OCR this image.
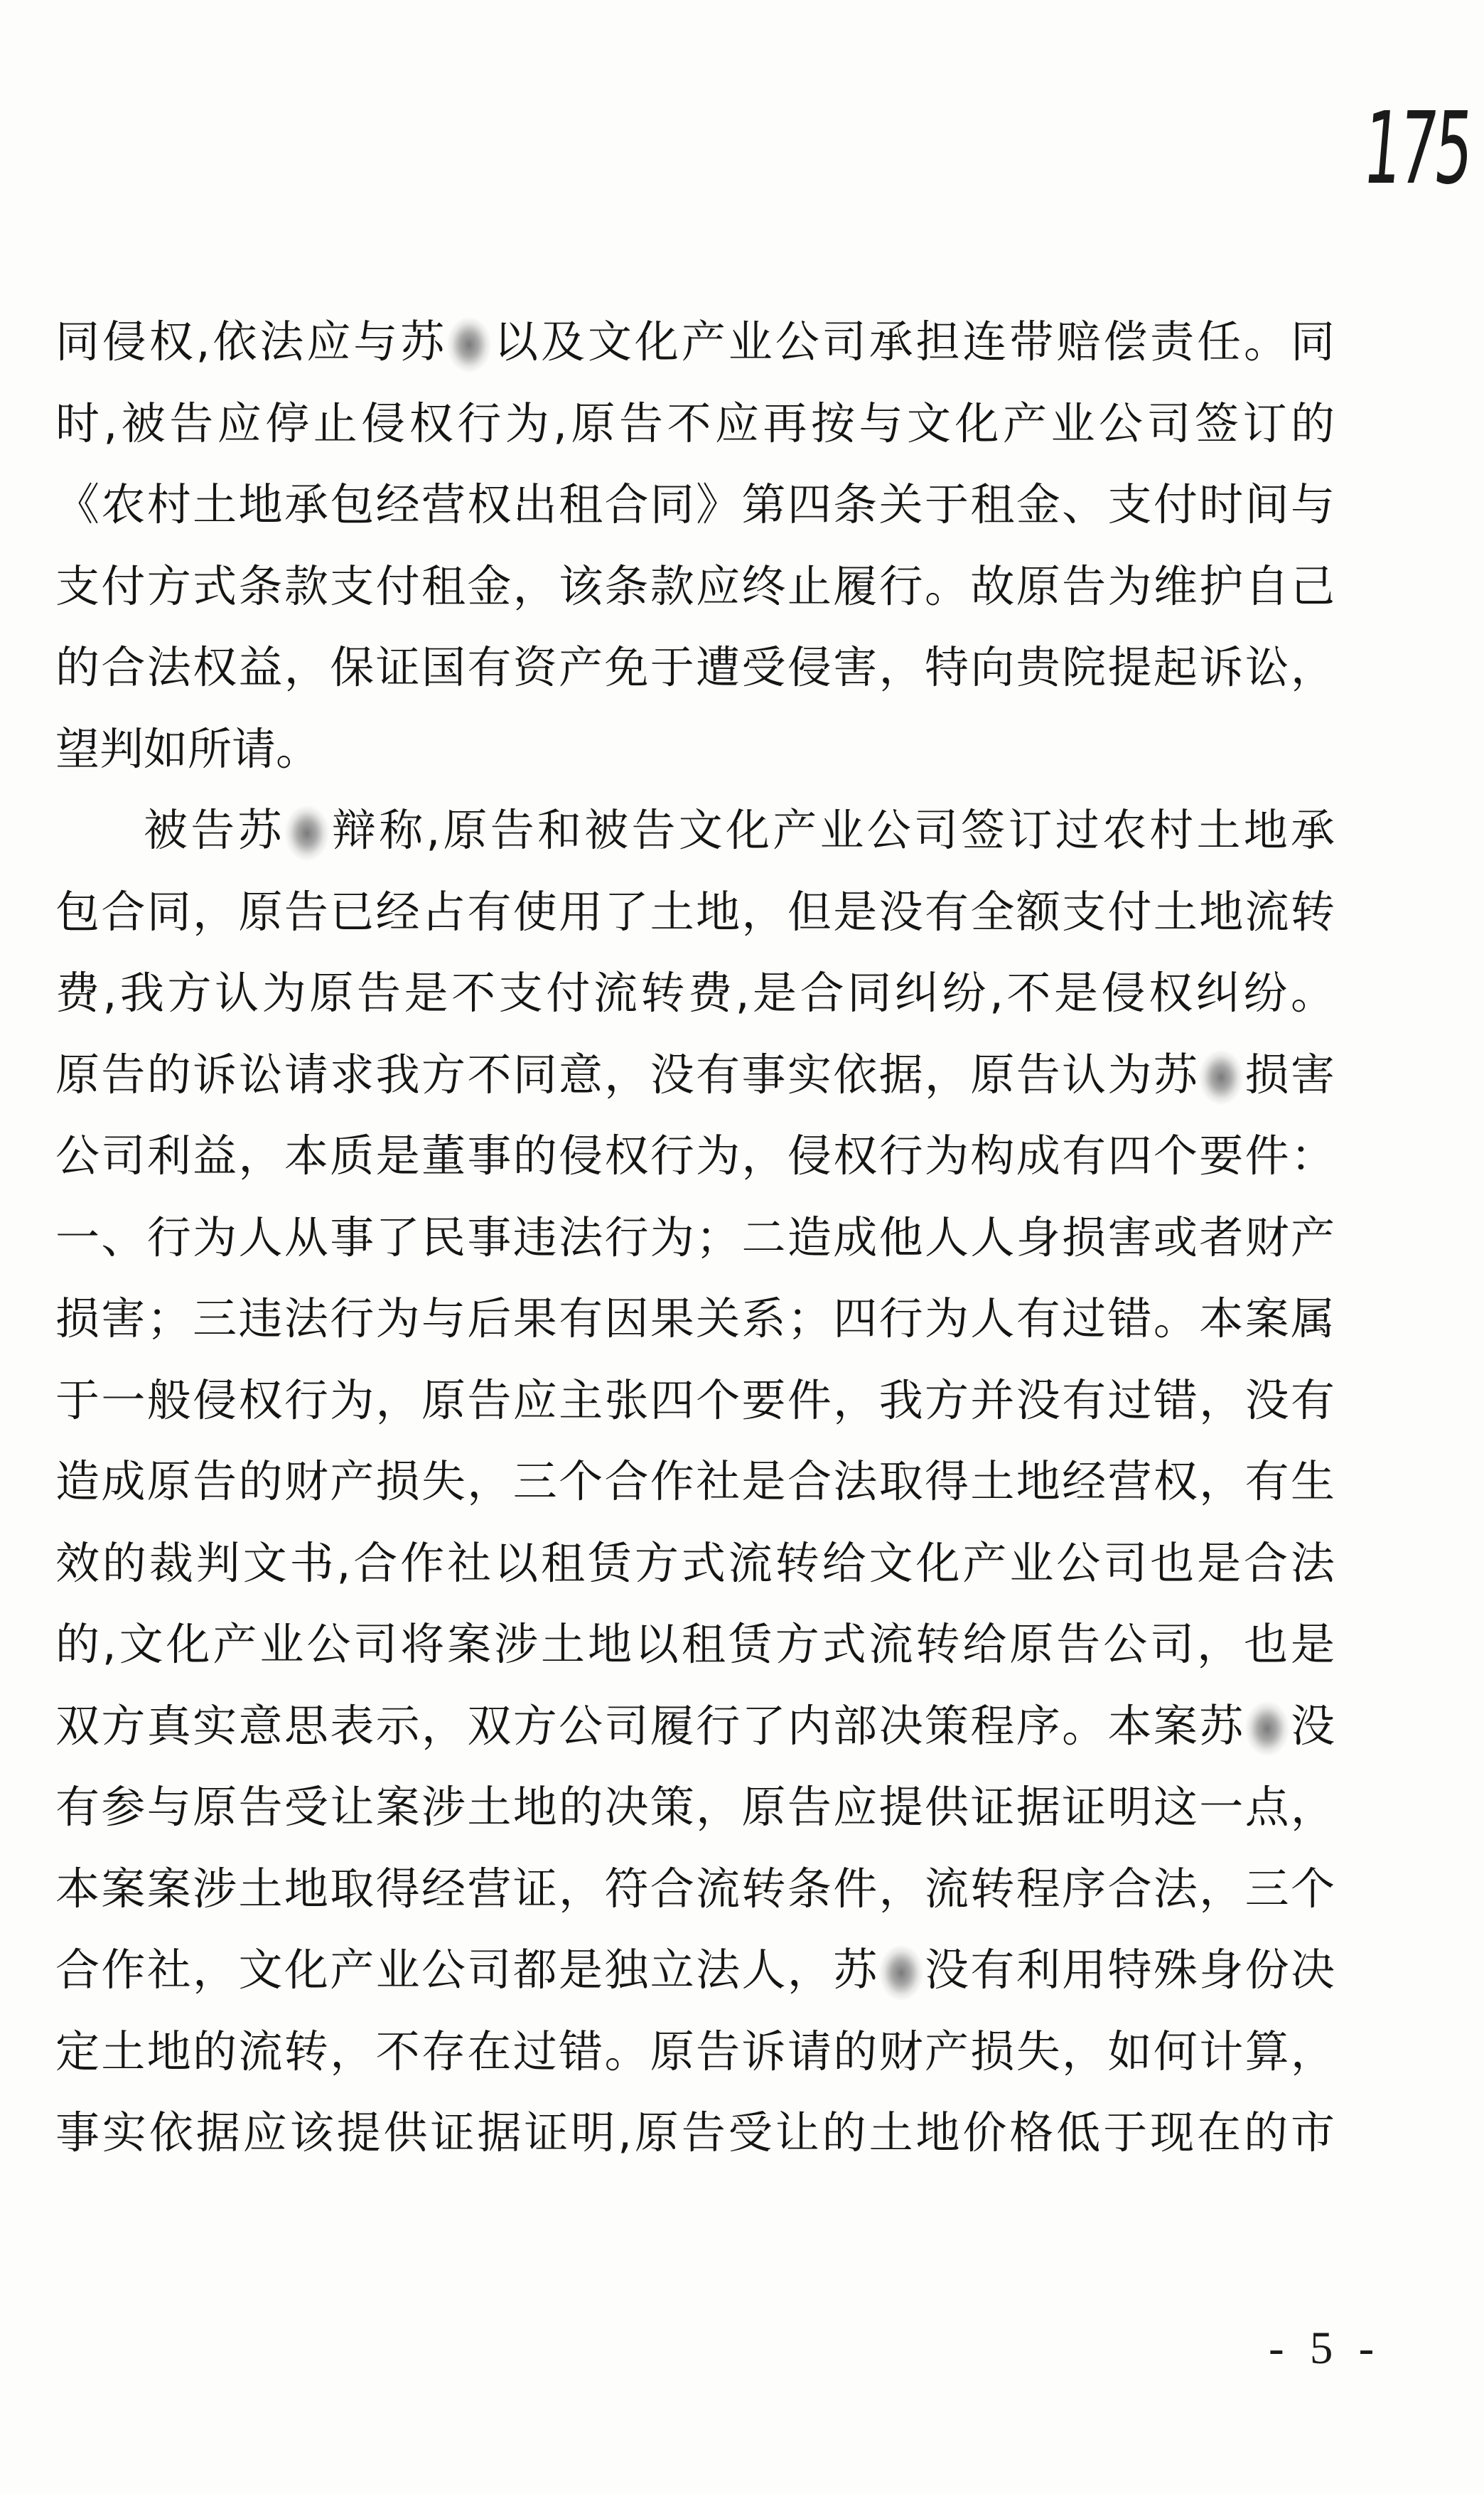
175
同侵权,依法应与苏 以及文化产业公司承担连带赔偿责任。同
时,被告应停止侵权行为,原告不应再按与文化产业公司签订的
《农村土地承包经营权出租合同》第四条关于租金、支付时间与
支付方式条款支付租金，该条款应终止履行。故原告为维护自己
的合法权益，保证国有资产免于遭受侵害，特向贵院提起诉讼，
望判如所请。
被告苏 辩称,原告和被告文化产业公司签订过农村土地承
包合同，原告已经占有使用了土地，但是没有全额支付土地流转
费,我方认为原告是不支付流转费,是合同纠纷,不是侵权纠纷。
原告的诉讼请求我方不同意，没有事实依据，原告认为苏 损害
公司利益，本质是董事的侵权行为，侵权行为构成有四个要件：
一、行为人从事了民事违法行为；二造成他人人身损害或者财产
损害；三违法行为与后果有因果关系；四行为人有过错。本案属
于一般侵权行为，原告应主张四个要件，我方并没有过错，没有
造成原告的财产损失，三个合作社是合法取得土地经营权，有生
效的裁判文书,合作社以租赁方式流转给文化产业公司也是合法
的,文化产业公司将案涉土地以租赁方式流转给原告公司，也是
双方真实意思表示，双方公司履行了内部决策程序。本案苏 没
有参与原告受让案涉土地的决策，原告应提供证据证明这一点，
本案案涉土地取得经营证，符合流转条件，流转程序合法，三个
合作社，文化产业公司都是独立法人，苏 没有利用特殊身份决
定土地的流转，不存在过错。原告诉请的财产损失，如何计算，
事实依据应该提供证据证明,原告受让的土地价格低于现在的市
- 5 -
